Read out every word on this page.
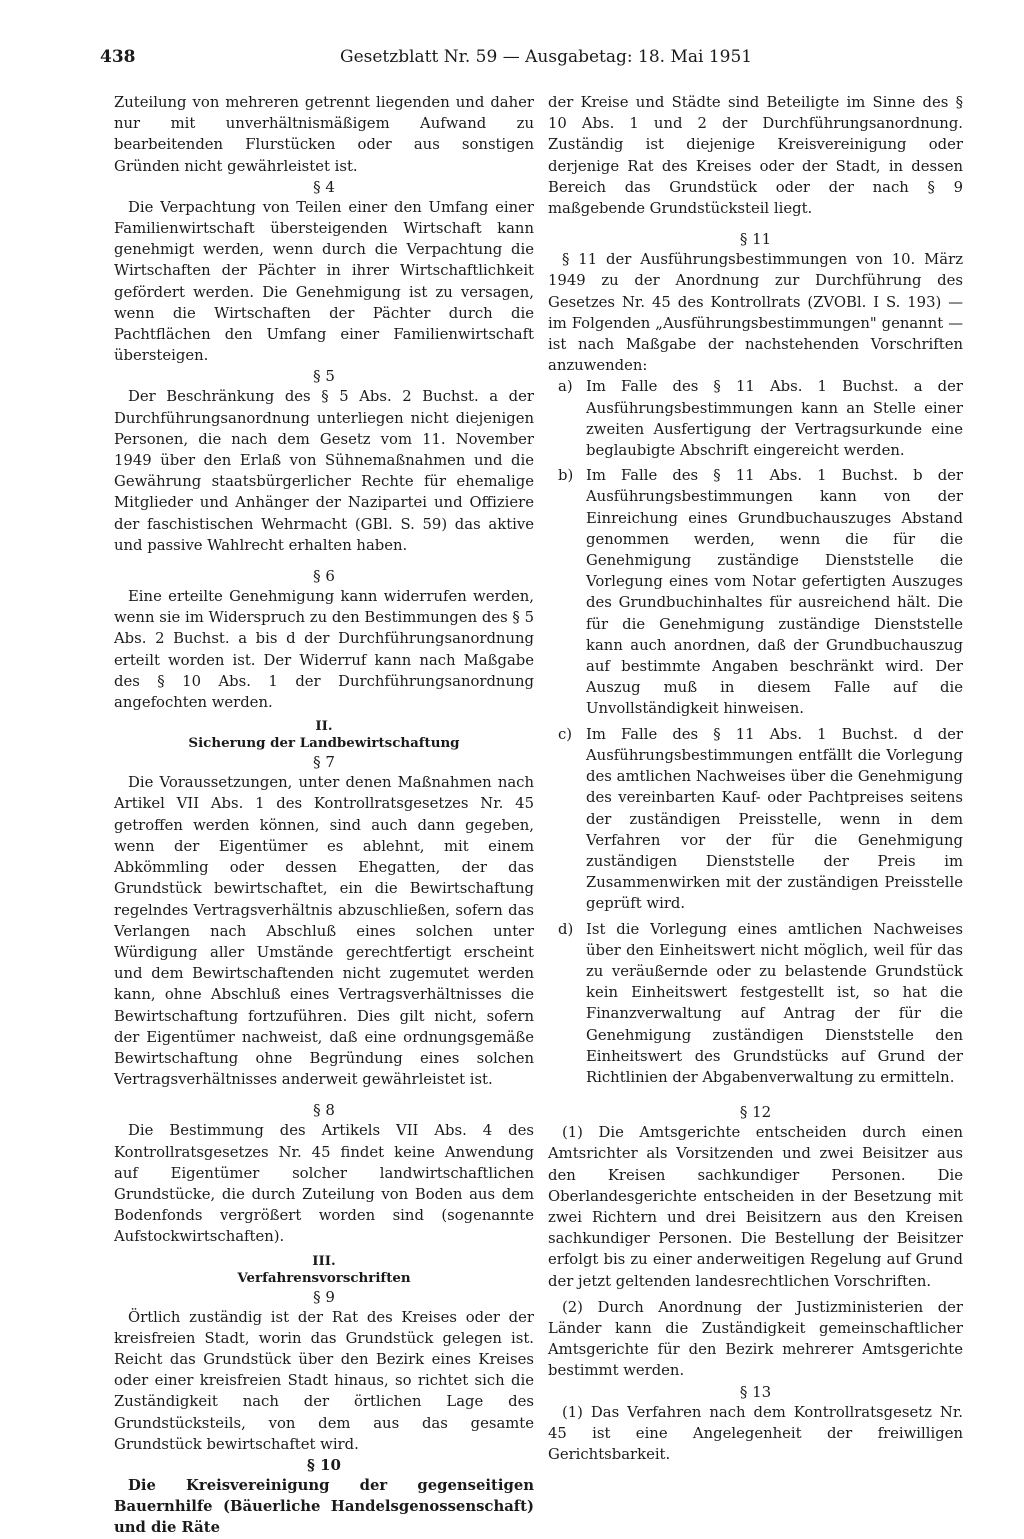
438	Gesetzblatt Nr. 59 — Ausgabetag: 18. Mai 1951

Zuteilung von mehreren getrennt liegenden und daher nur mit unverhältnismäßigem Aufwand zu bearbeitenden Flurstücken oder aus sonstigen Gründen nicht gewährleistet ist.

§ 4

Die Verpachtung von Teilen einer den Umfang einer Familienwirtschaft übersteigenden Wirtschaft kann genehmigt werden, wenn durch die Verpachtung die Wirtschaften der Pächter in ihrer Wirtschaftlichkeit gefördert werden. Die Genehmigung ist zu versagen, wenn die Wirtschaften der Pächter durch die Pachtflächen den Umfang einer Familienwirtschaft übersteigen.

§ 5

Der Beschränkung des § 5 Abs. 2 Buchst. a der Durchführungsanordnung unterliegen nicht diejenigen Personen, die nach dem Gesetz vom 11. November 1949 über den Erlaß von Sühnemaßnahmen und die Gewährung staatsbürgerlicher Rechte für ehemalige Mitglieder und Anhänger der Nazipartei und Offiziere der faschistischen Wehrmacht (GBl. S. 59) das aktive und passive Wahlrecht erhalten haben.

§ 6

Eine erteilte Genehmigung kann widerrufen werden, wenn sie im Widerspruch zu den Bestimmungen des § 5 Abs. 2 Buchst. a bis d der Durchführungsanordnung erteilt worden ist. Der Widerruf kann nach Maßgabe des § 10 Abs. 1 der Durchführungsanordnung angefochten werden.

II.
Sicherung der Landbewirtschaftung
§ 7

Die Voraussetzungen, unter denen Maßnahmen nach Artikel VII Abs. 1 des Kontrollratsgesetzes Nr. 45 getroffen werden können, sind auch dann gegeben, wenn der Eigentümer es ablehnt, mit einem Abkömmling oder dessen Ehegatten, der das Grundstück bewirtschaftet, ein die Bewirtschaftung regelndes Vertragsverhältnis abzuschließen, sofern das Verlangen nach Abschluß eines solchen unter Würdigung aller Umstände gerechtfertigt erscheint und dem Bewirtschaftenden nicht zugemutet werden kann, ohne Abschluß eines Vertragsverhältnisses die Bewirtschaftung fortzuführen. Dies gilt nicht, sofern der Eigentümer nachweist, daß eine ordnungsgemäße Bewirtschaftung ohne Begründung eines solchen Vertragsverhältnisses anderweit gewährleistet ist.

§ 8

Die Bestimmung des Artikels VII Abs. 4 des Kontrollratsgesetzes Nr. 45 findet keine Anwendung auf Eigentümer solcher landwirtschaftlichen Grundstücke, die durch Zuteilung von Boden aus dem Bodenfonds vergrößert worden sind (sogenannte Aufstockwirtschaften).

III.
Verfahrensvorschriften
§ 9

Örtlich zuständig ist der Rat des Kreises oder der kreisfreien Stadt, worin das Grundstück gelegen ist. Reicht das Grundstück über den Bezirk eines Kreises oder einer kreisfreien Stadt hinaus, so richtet sich die Zuständigkeit nach der örtlichen Lage des Grundstücksteils, von dem aus das gesamte Grundstück bewirtschaftet wird.

§ 10

Die Kreisvereinigung der gegenseitigen Bauernhilfe (Bäuerliche Handelsgenossenschaft) und die Räte

der Kreise und Städte sind Beteiligte im Sinne des § 10 Abs. 1 und 2 der Durchführungsanordnung. Zuständig ist diejenige Kreisvereinigung oder derjenige Rat des Kreises oder der Stadt, in dessen Bereich das Grundstück oder der nach § 9 maßgebende Grundstücksteil liegt.

§ 11

§ 11 der Ausführungsbestimmungen von 10. März 1949 zu der Anordnung zur Durchführung des Gesetzes Nr. 45 des Kontrollrats (ZVOBl. I S. 193) — im Folgenden „Ausführungsbestimmungen" genannt — ist nach Maßgabe der nachstehenden Vorschriften anzuwenden:

a) Im Falle des § 11 Abs. 1 Buchst. a der Ausführungsbestimmungen kann an Stelle einer zweiten Ausfertigung der Vertragsurkunde eine beglaubigte Abschrift eingereicht werden.
b) Im Falle des § 11 Abs. 1 Buchst. b der Ausführungsbestimmungen kann von der Einreichung eines Grundbuchauszuges Abstand genommen werden, wenn die für die Genehmigung zuständige Dienststelle die Vorlegung eines vom Notar gefertigten Auszuges des Grundbuchinhaltes für ausreichend hält. Die für die Genehmigung zuständige Dienststelle kann auch anordnen, daß der Grundbuchauszug auf bestimmte Angaben beschränkt wird. Der Auszug muß in diesem Falle auf die Unvollständigkeit hinweisen.
c) Im Falle des § 11 Abs. 1 Buchst. d der Ausführungsbestimmungen entfällt die Vorlegung des amtlichen Nachweises über die Genehmigung des vereinbarten Kauf- oder Pachtpreises seitens der zuständigen Preisstelle, wenn in dem Verfahren vor der für die Genehmigung zuständigen Dienststelle der Preis im Zusammenwirken mit der zuständigen Preisstelle geprüft wird.
d) Ist die Vorlegung eines amtlichen Nachweises über den Einheitswert nicht möglich, weil für das zu veräußernde oder zu belastende Grundstück kein Einheitswert festgestellt ist, so hat die Finanzverwaltung auf Antrag der für die Genehmigung zuständigen Dienststelle den Einheitswert des Grundstücks auf Grund der Richtlinien der Abgabenverwaltung zu ermitteln.
§ 12

(1) Die Amtsgerichte entscheiden durch einen Amtsrichter als Vorsitzenden und zwei Beisitzer aus den Kreisen sachkundiger Personen. Die Oberlandesgerichte entscheiden in der Besetzung mit zwei Richtern und drei Beisitzern aus den Kreisen sachkundiger Personen. Die Bestellung der Beisitzer erfolgt bis zu einer anderweitigen Regelung auf Grund der jetzt geltenden landesrechtlichen Vorschriften.

(2) Durch Anordnung der Justizministerien der Länder kann die Zuständigkeit gemeinschaftlicher Amtsgerichte für den Bezirk mehrerer Amtsgerichte bestimmt werden.

§ 13

(1) Das Verfahren nach dem Kontrollratsgesetz Nr. 45 ist eine Angelegenheit der freiwilligen Gerichtsbarkeit.
